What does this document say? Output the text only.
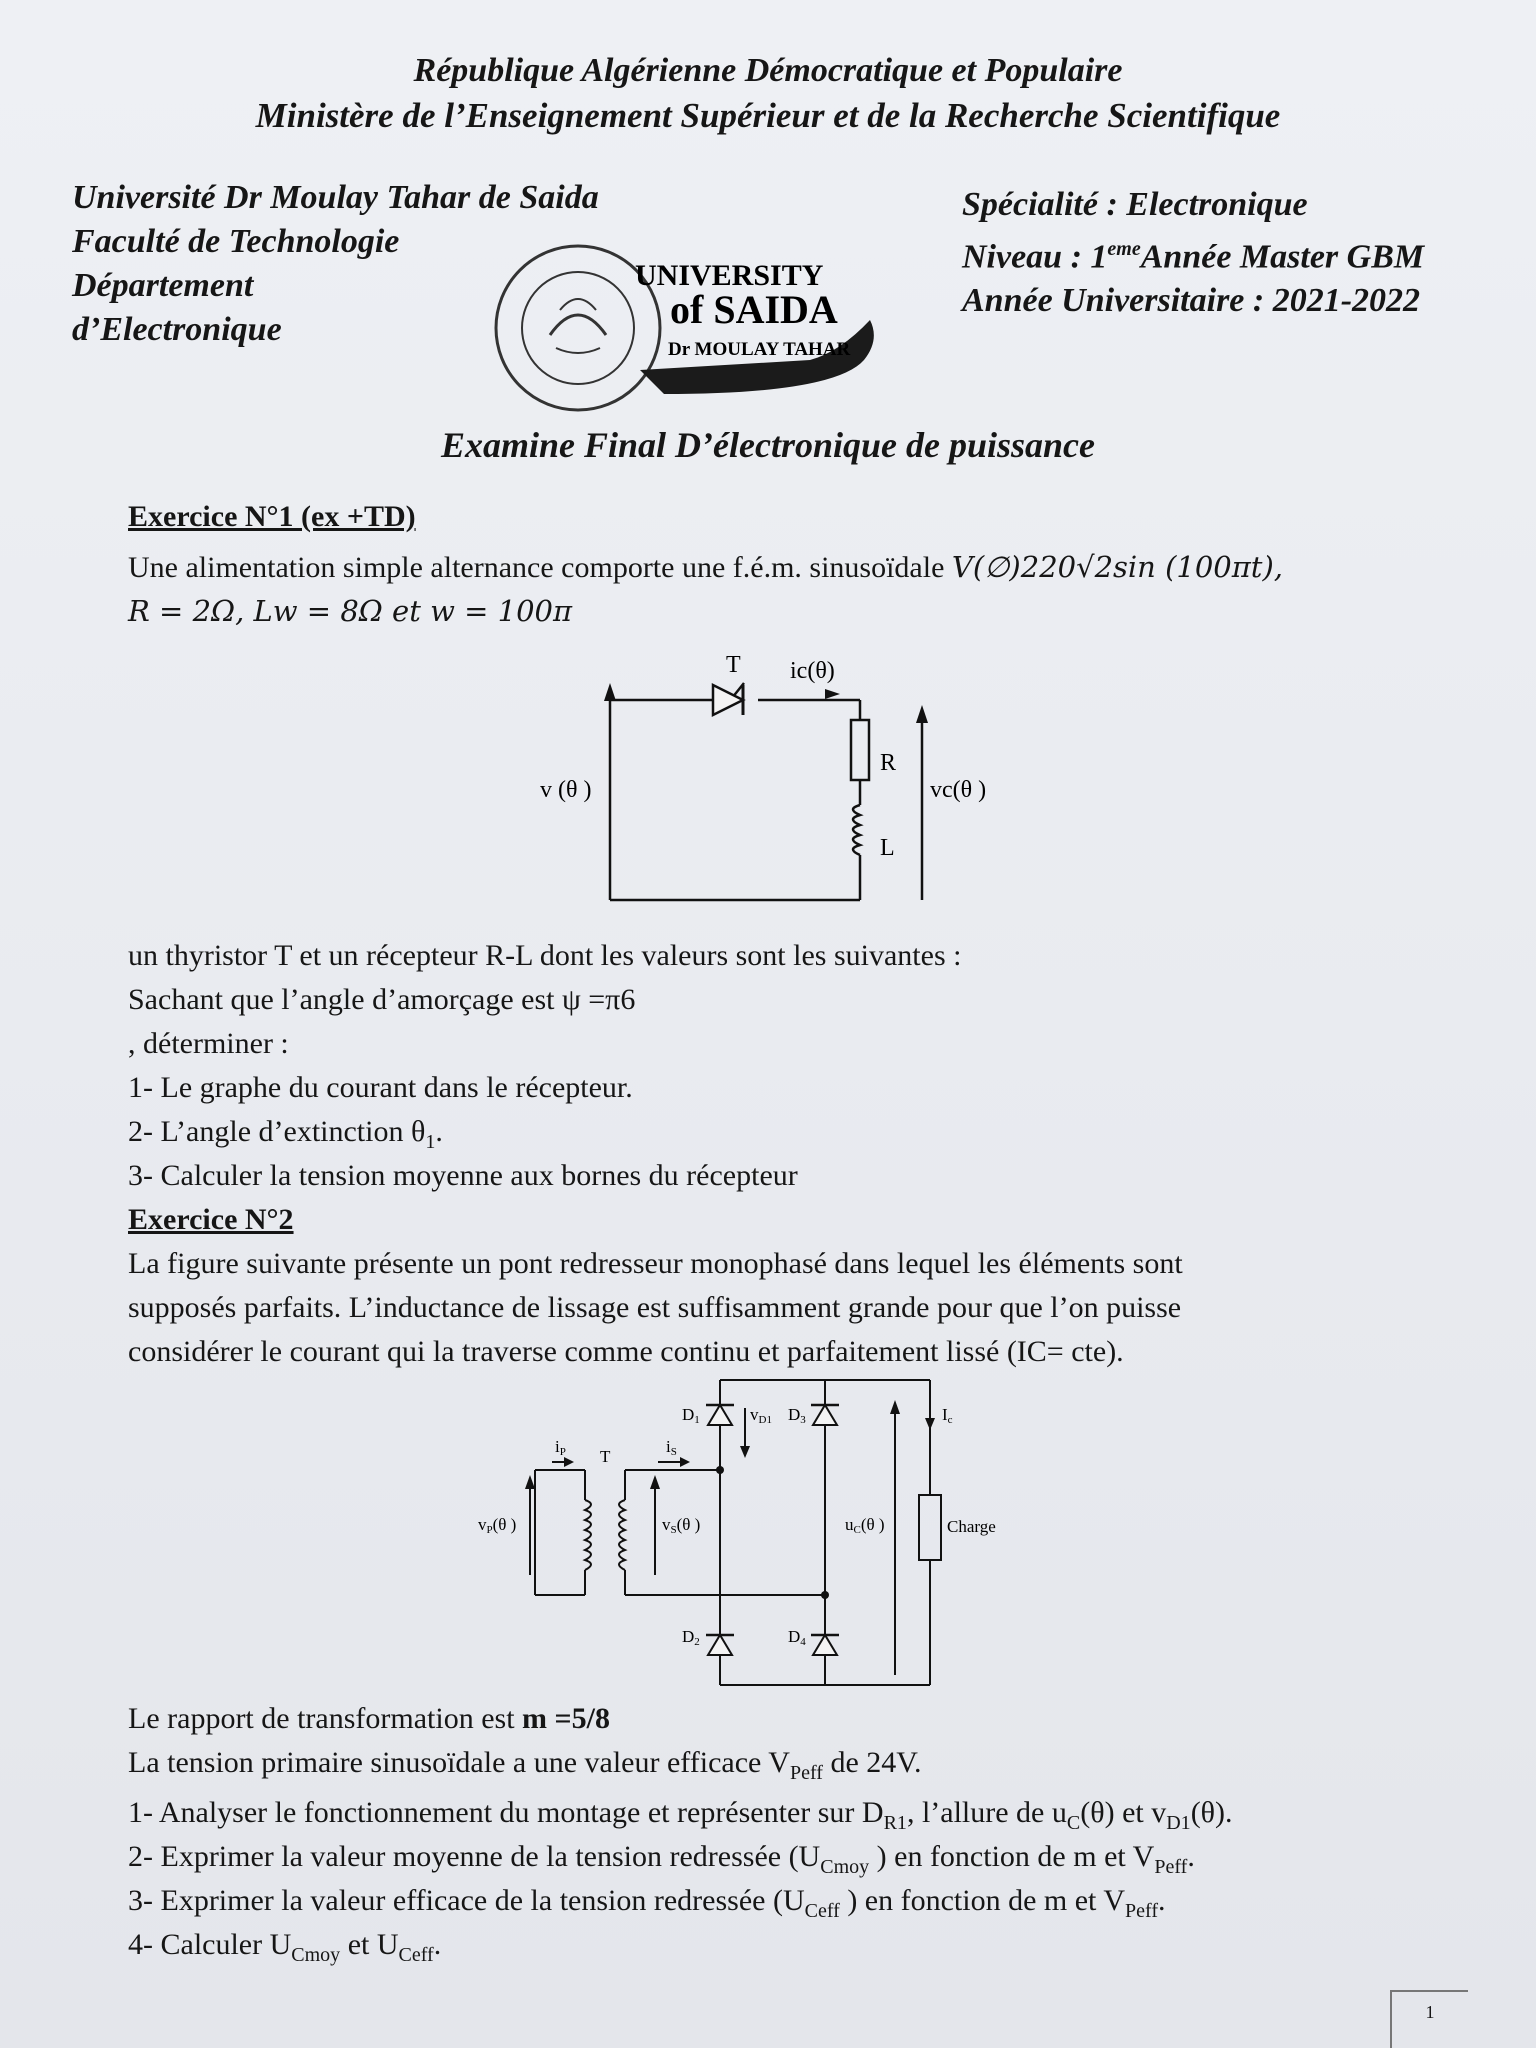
République Algérienne Démocratique et Populaire
Ministère de l’Enseignement Supérieur et de la Recherche Scientifique
Université Dr Moulay Tahar de Saida
Faculté de Technologie
Département
d’Electronique
Spécialité : Electronique
Niveau : 1emeAnnée Master GBM
Année Universitaire : 2021-2022
UNIVERSITY
of SAIDA
Dr MOULAY TAHAR
Examine Final D’électronique de puissance
Exercice N°1 (ex +TD)
Une alimentation simple alternance comporte une f.é.m. sinusoïdale V(∅)220√2sin (100πt),
R = 2Ω, Lw = 8Ω et w = 100π
T ic(θ)
v (θ )
R
L
vc(θ )
un thyristor T et un récepteur R-L dont les valeurs sont les suivantes :
Sachant que l’angle d’amorçage est ψ =π6
, déterminer :
1- Le graphe du courant dans le récepteur.
2- L’angle d’extinction $\theta_1$.
3- Calculer la tension moyenne aux bornes du récepteur
Exercice N°2
La figure suivante présente un pont redresseur monophasé dans lequel les éléments sont
supposés parfaits. L’inductance de lissage est suffisamment grande pour que l’on puisse
considérer le courant qui la traverse comme continu et parfaitement lissé (IC= cte).
D1	vD1 D3	Ic
iP T
iS
vP(θ )	vS(θ )	uC(θ )	Charge
D2	D4
Le rapport de transformation est m =5/8
La tension primaire sinusoïdale a une valeur efficace $V_{Peff}$ de 24V.
1- Analyser le fonctionnement du montage et représenter sur $D_{R1}$, l’allure de $u_C(\theta)$ et $v_{D1}(\theta)$.
2- Exprimer la valeur moyenne de la tension redressée ($U_{Cmoy}$ ) en fonction de m et $V_{Peff}$.
3- Exprimer la valeur efficace de la tension redressée ($U_{Ceff}$ ) en fonction de m et $V_{Peff}$.
4- Calculer $U_{Cmoy}$ et $U_{Ceff}$.
1
